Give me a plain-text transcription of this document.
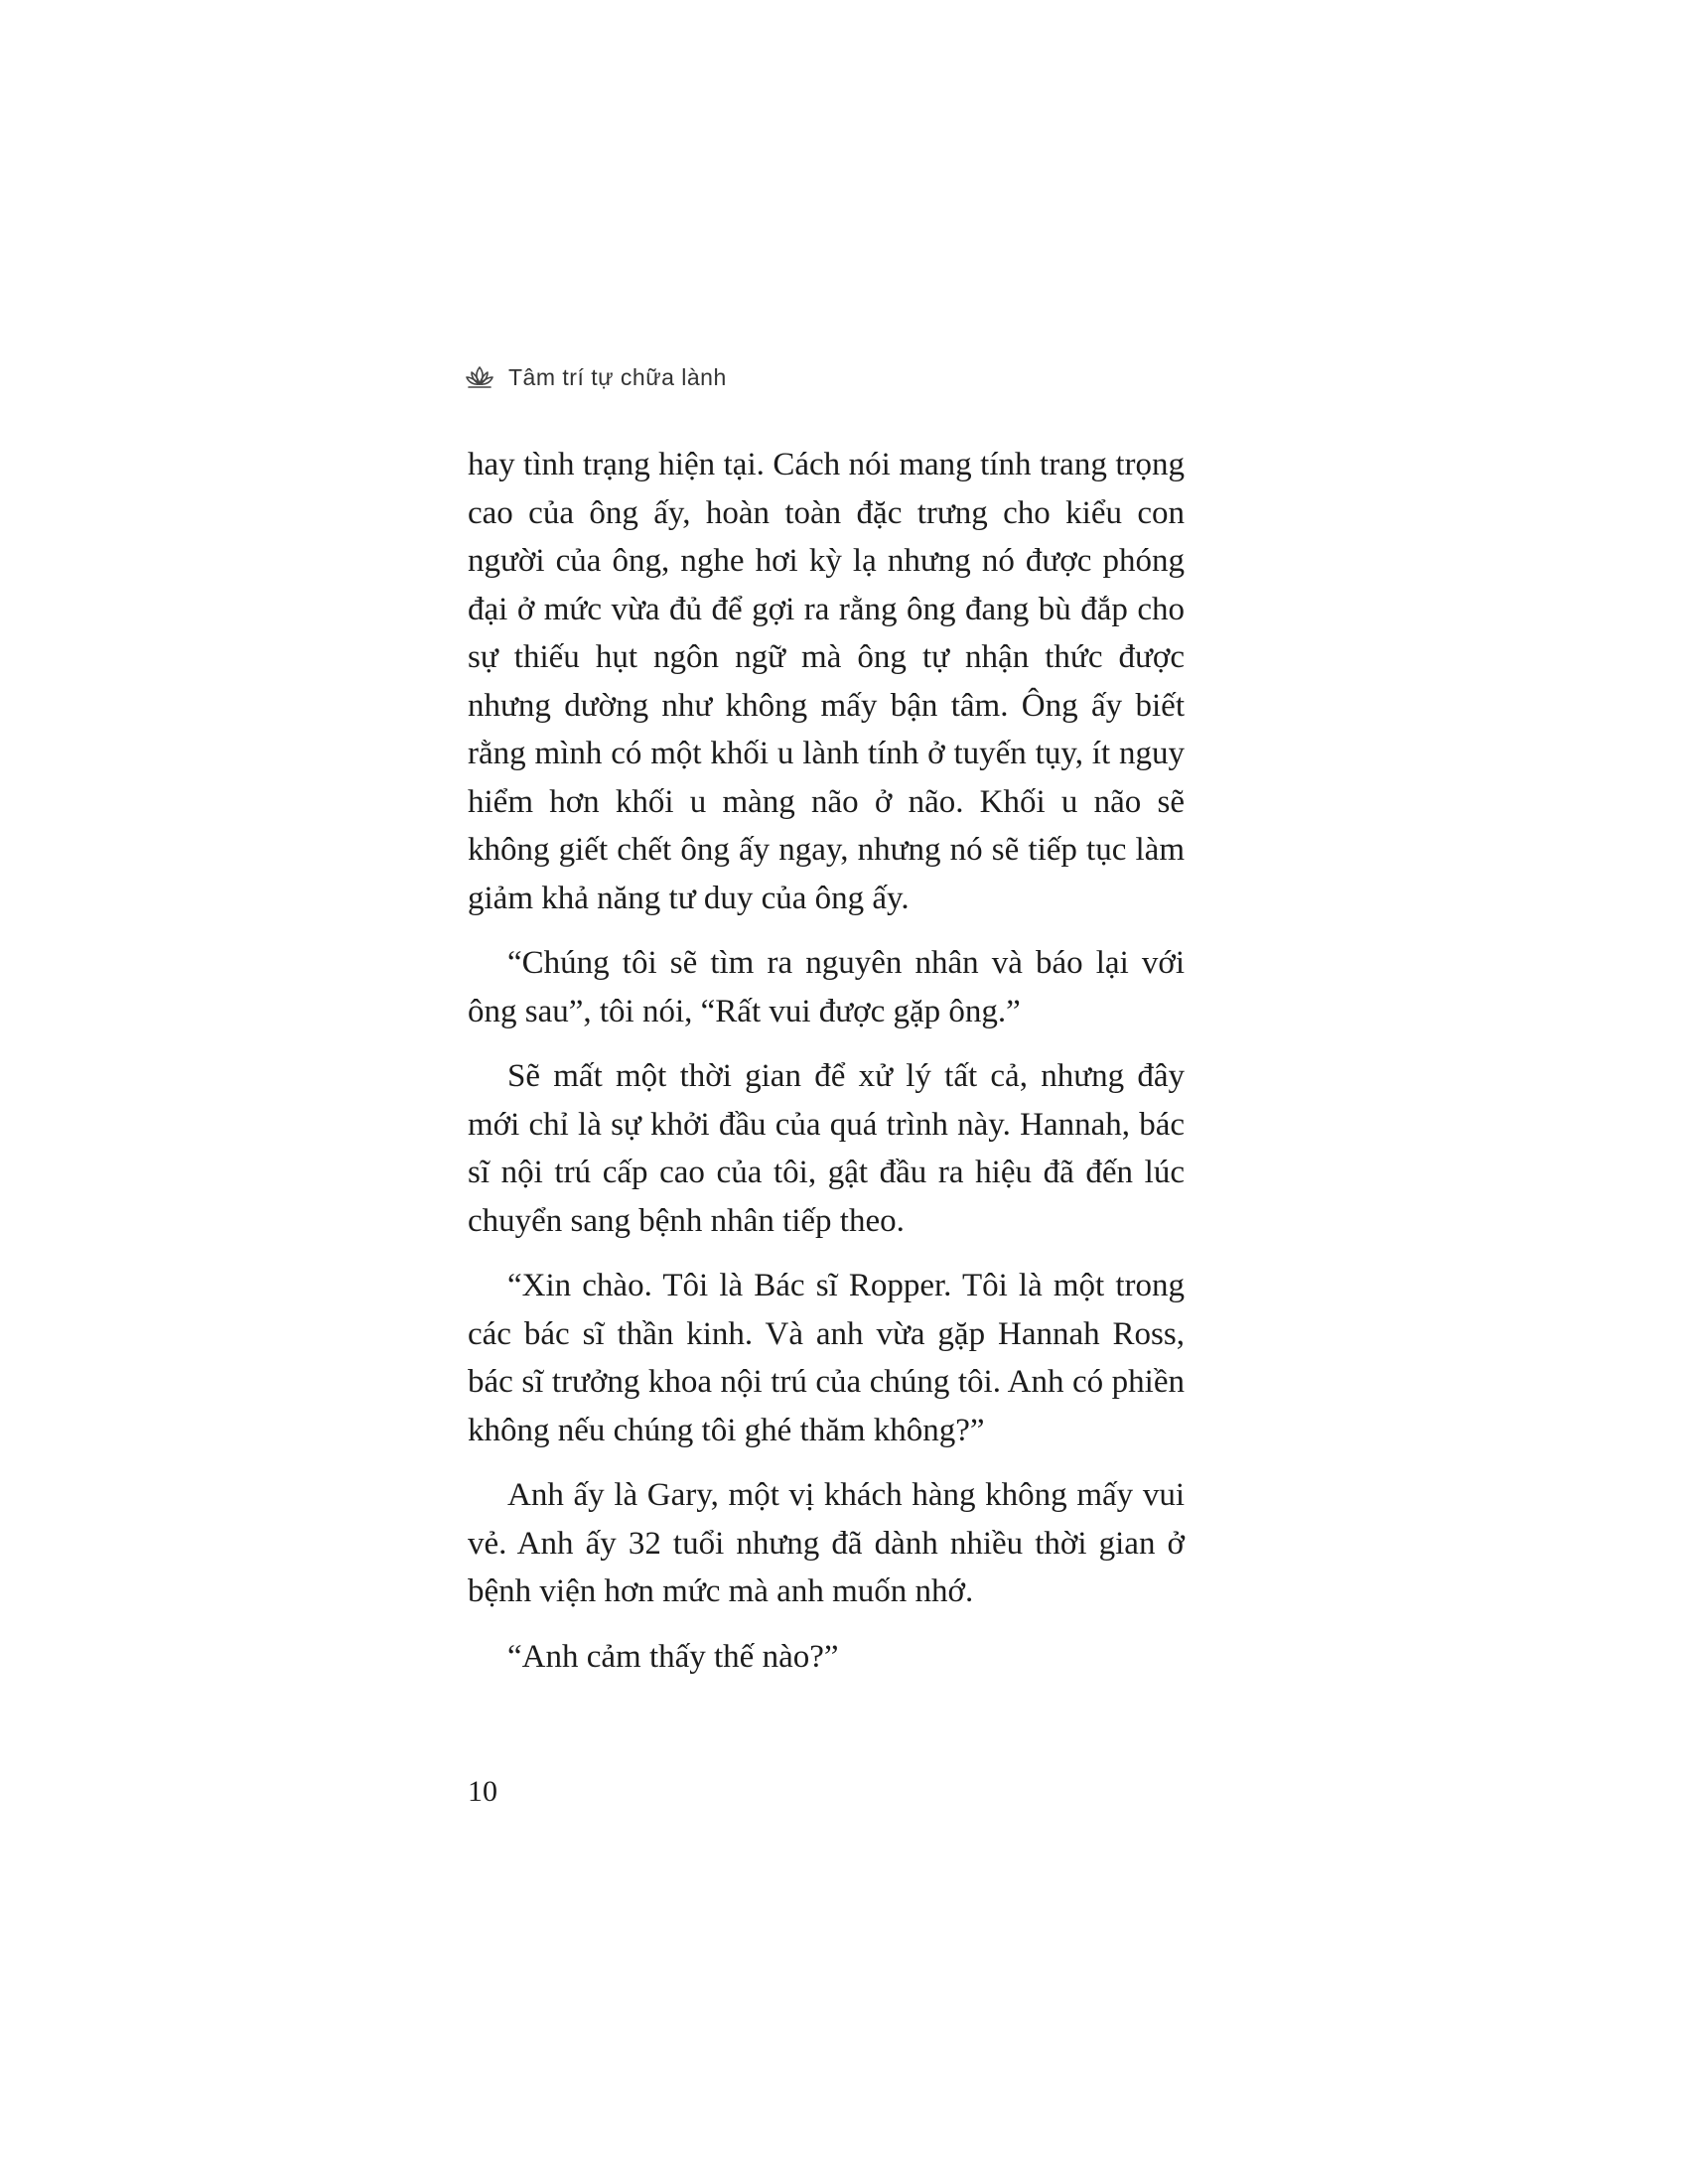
Tâm trí tự chữa lành

hay tình trạng hiện tại. Cách nói mang tính trang trọng cao của ông ấy, hoàn toàn đặc trưng cho kiểu con người của ông, nghe hơi kỳ lạ nhưng nó được phóng đại ở mức vừa đủ để gợi ra rằng ông đang bù đắp cho sự thiếu hụt ngôn ngữ mà ông tự nhận thức được nhưng dường như không mấy bận tâm. Ông ấy biết rằng mình có một khối u lành tính ở tuyến tụy, ít nguy hiểm hơn khối u màng não ở não. Khối u não sẽ không giết chết ông ấy ngay, nhưng nó sẽ tiếp tục làm giảm khả năng tư duy của ông ấy.

“Chúng tôi sẽ tìm ra nguyên nhân và báo lại với ông sau”, tôi nói, “Rất vui được gặp ông.”

Sẽ mất một thời gian để xử lý tất cả, nhưng đây mới chỉ là sự khởi đầu của quá trình này. Hannah, bác sĩ nội trú cấp cao của tôi, gật đầu ra hiệu đã đến lúc chuyển sang bệnh nhân tiếp theo.

“Xin chào. Tôi là Bác sĩ Ropper. Tôi là một trong các bác sĩ thần kinh. Và anh vừa gặp Hannah Ross, bác sĩ trưởng khoa nội trú của chúng tôi. Anh có phiền không nếu chúng tôi ghé thăm không?”

Anh ấy là Gary, một vị khách hàng không mấy vui vẻ. Anh ấy 32 tuổi nhưng đã dành nhiều thời gian ở bệnh viện hơn mức mà anh muốn nhớ.

“Anh cảm thấy thế nào?”

10
